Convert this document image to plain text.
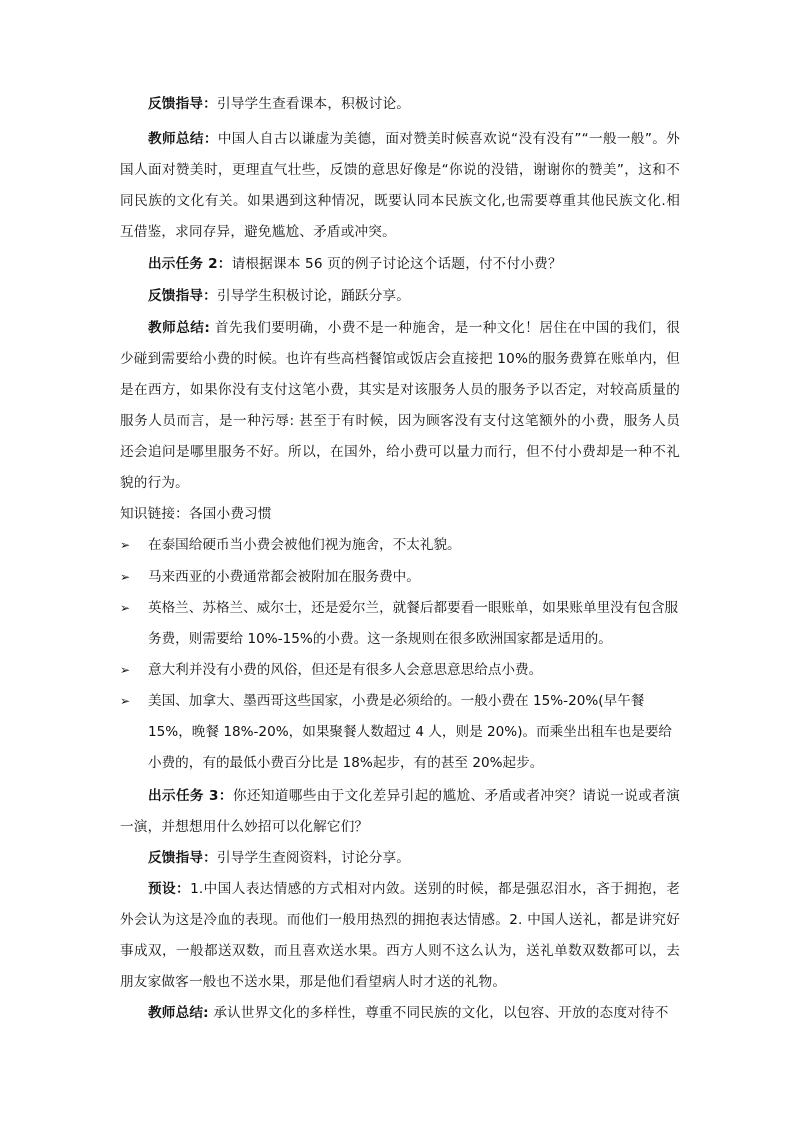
反馈指导：引导学生查看课本，积极讨论。

教师总结：中国人自古以谦虚为美德，面对赞美时候喜欢说“没有没有”“一般一般”。外国人面对赞美时，更理直气壮些，反馈的意思好像是“你说的没错，谢谢你的赞美”，这和不同民族的文化有关。如果遇到这种情况，既要认同本民族文化,也需要尊重其他民族文化.相互借鉴，求同存异，避免尴尬、矛盾或冲突。

出示任务 2：请根据课本 56 页的例子讨论这个话题，付不付小费？

反馈指导：引导学生积极讨论，踊跃分享。

教师总结: 首先我们要明确，小费不是一种施舍，是一种文化！居住在中国的我们，很少碰到需要给小费的时候。也许有些高档餐馆或饭店会直接把 10%的服务费算在账单内，但是在西方，如果你没有支付这笔小费，其实是对该服务人员的服务予以否定，对较高质量的服务人员而言，是一种污辱: 甚至于有时候，因为顾客没有支付这笔额外的小费，服务人员还会追问是哪里服务不好。所以，在国外，给小费可以量力而行，但不付小费却是一种不礼貌的行为。

知识链接：各国小费习惯

➢	在泰国给硬币当小费会被他们视为施舍，不太礼貌。
➢	马来西亚的小费通常都会被附加在服务费中。
➢	英格兰、苏格兰、威尔士，还是爱尔兰，就餐后都要看一眼账单，如果账单里没有包含服务费，则需要给 10%-15%的小费。这一条规则在很多欧洲国家都是适用的。
➢	意大利并没有小费的风俗，但还是有很多人会意思意思给点小费。
➢	美国、加拿大、墨西哥这些国家，小费是必须给的。一般小费在 15%-20%(早午餐 15%，晚餐 18%-20%，如果聚餐人数超过 4 人，则是 20%)。而乘坐出租车也是要给小费的，有的最低小费百分比是 18%起步，有的甚至 20%起步。

出示任务 3：你还知道哪些由于文化差异引起的尴尬、矛盾或者冲突？请说一说或者演一演，并想想用什么妙招可以化解它们？

反馈指导：引导学生查阅资料，讨论分享。

预设：1.中国人表达情感的方式相对内敛。送别的时候，都是强忍泪水，吝于拥抱，老外会认为这是冷血的表现。而他们一般用热烈的拥抱表达情感。2. 中国人送礼，都是讲究好事成双，一般都送双数，而且喜欢送水果。西方人则不这么认为，送礼单数双数都可以，去朋友家做客一般也不送水果，那是他们看望病人时才送的礼物。

教师总结: 承认世界文化的多样性，尊重不同民族的文化，以包容、开放的态度对待不
